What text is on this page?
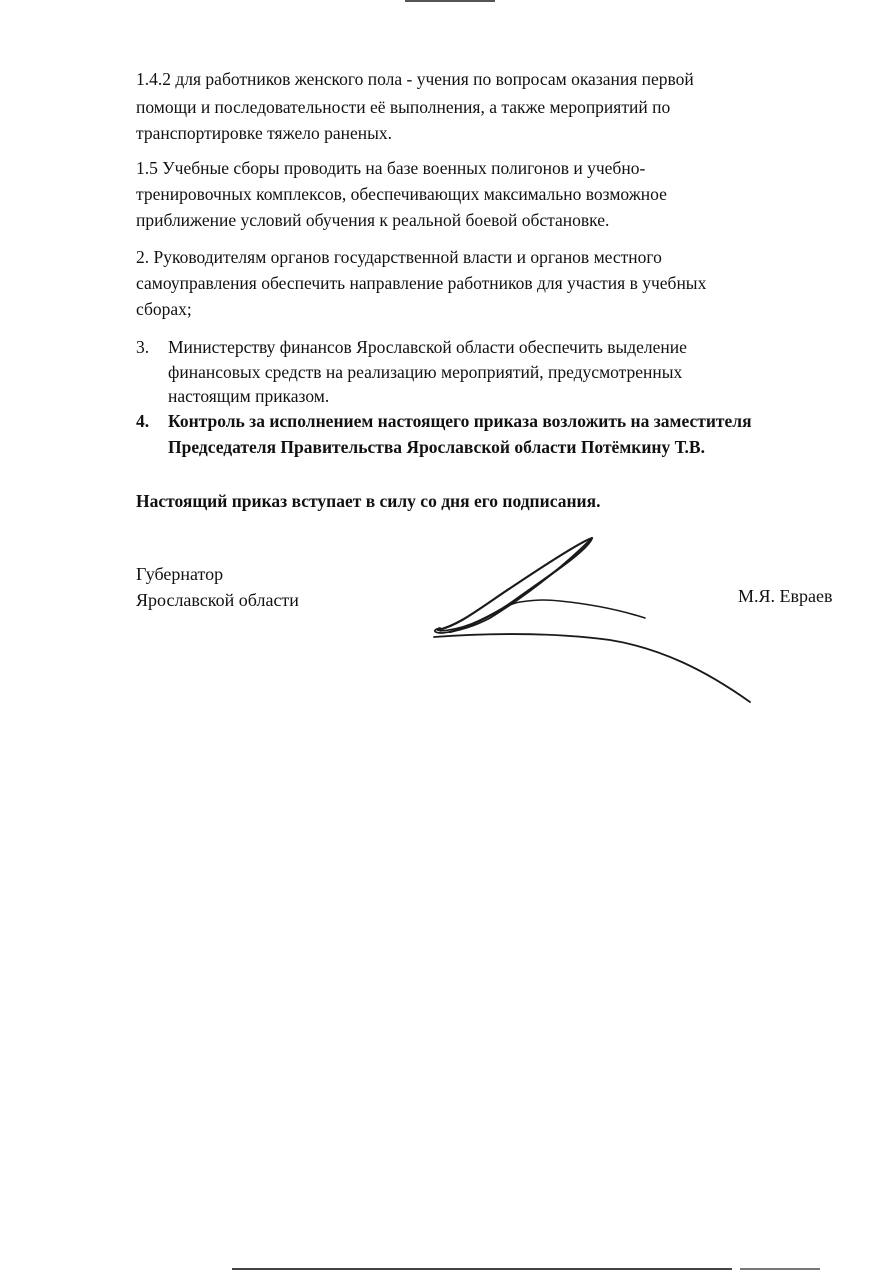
1.4.2 для работников женского пола - учения по вопросам оказания первой
помощи и последовательности её выполнения, а также мероприятий по
транспортировке тяжело раненых.
1.5 Учебные сборы проводить на базе военных полигонов и учебно-
тренировочных комплексов, обеспечивающих максимально возможное
приближение условий обучения к реальной боевой обстановке.
2. Руководителям органов государственной власти и органов местного
самоуправления обеспечить направление работников для участия в учебных
сборах;
3.	Министерству финансов Ярославской области обеспечить выделение
финансовых средств на реализацию мероприятий, предусмотренных
настоящим приказом.
4.	Контроль за исполнением настоящего приказа возложить на заместителя
Председателя Правительства Ярославской области Потёмкину Т.В.
Настоящий приказ вступает в силу со дня его подписания.
Губернатор
Ярославской области	М.Я. Евраев
